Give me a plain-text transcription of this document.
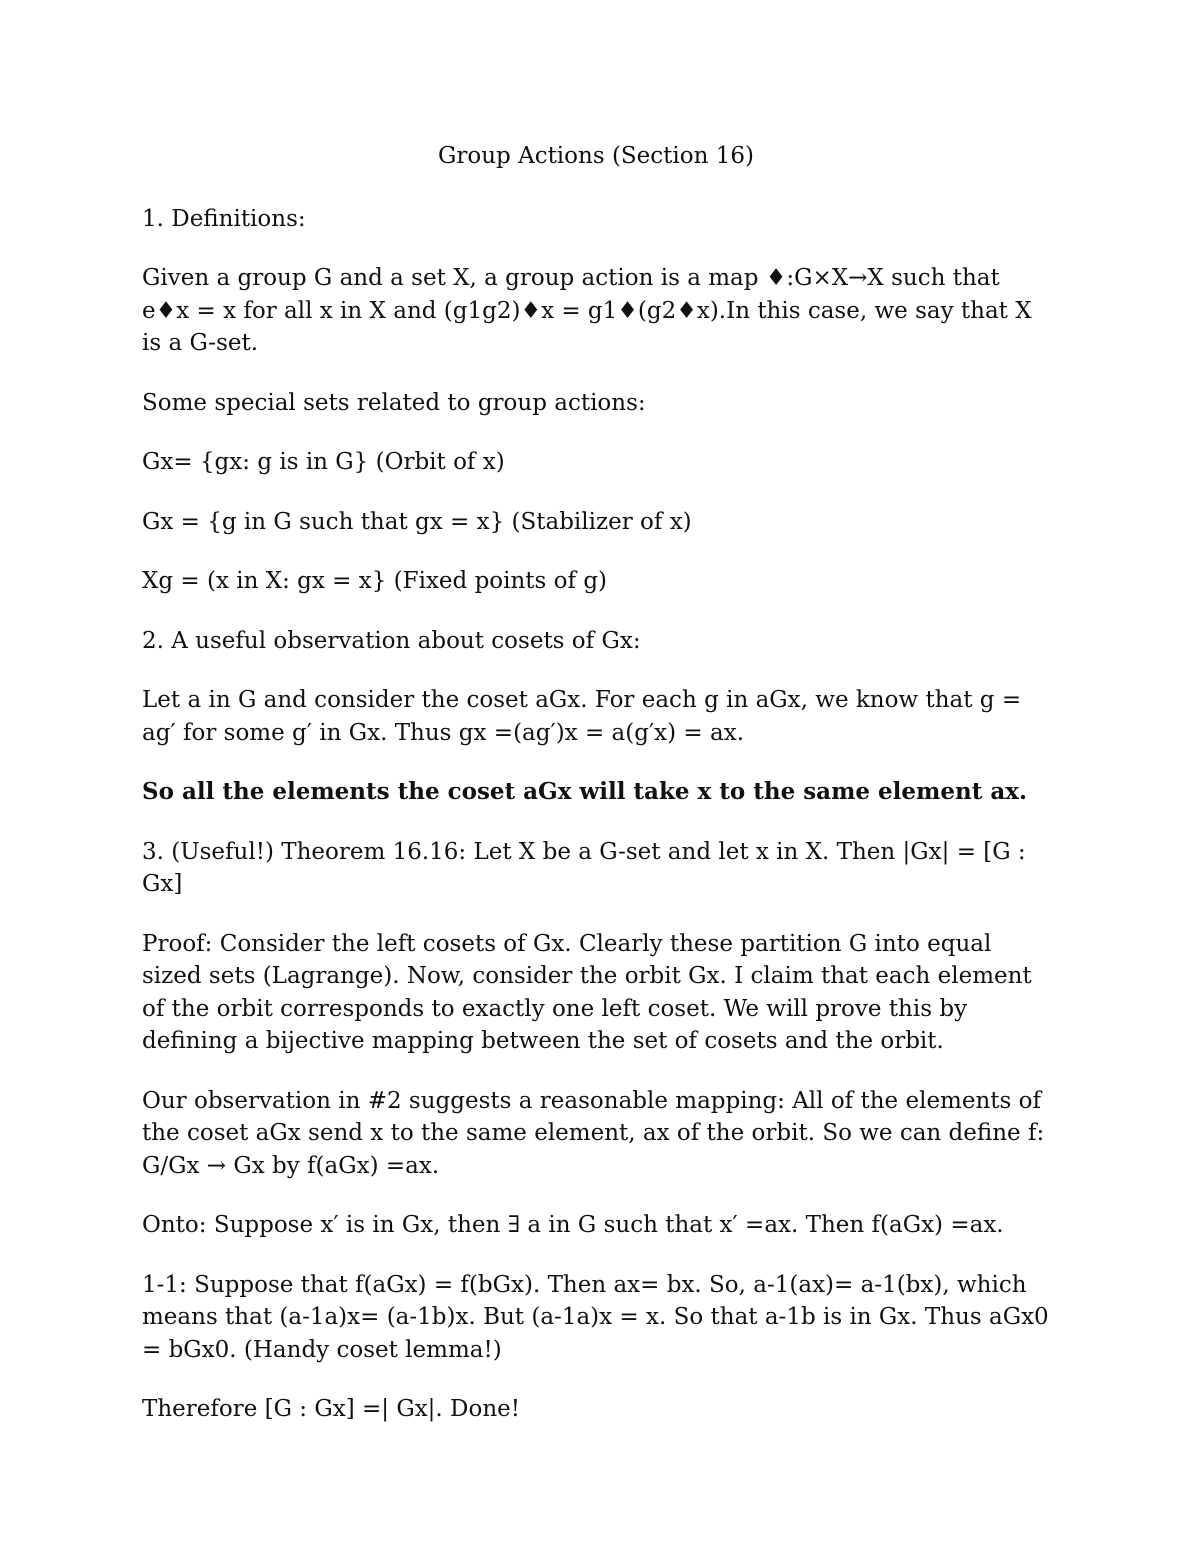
Group Actions (Section 16)

1. Definitions:

Given a group G and a set X, a group action is a map ♦:G×X→X such that e♦x = x for all x in X and (g1g2)♦x = g1♦(g2♦x).In this case, we say that X is a G-set.

Some special sets related to group actions:

Gx= {gx: g is in G} (Orbit of x)

Gx = {g in G such that gx = x} (Stabilizer of x)

Xg = (x in X: gx = x} (Fixed points of g)

2. A useful observation about cosets of Gx:

Let a in G and consider the coset aGx. For each g in aGx, we know that g = ag′ for some g′ in Gx. Thus gx =(ag′)x = a(g′x) = ax.

So all the elements the coset aGx will take x to the same element ax.

3. (Useful!) Theorem 16.16: Let X be a G-set and let x in X. Then |Gx| = [G : Gx]

Proof: Consider the left cosets of Gx. Clearly these partition G into equal sized sets (Lagrange). Now, consider the orbit Gx. I claim that each element of the orbit corresponds to exactly one left coset. We will prove this by defining a bijective mapping between the set of cosets and the orbit.

Our observation in #2 suggests a reasonable mapping: All of the elements of the coset aGx send x to the same element, ax of the orbit. So we can define f: G/Gx → Gx by f(aGx) =ax.

Onto: Suppose x′ is in Gx, then ∃ a in G such that x′ =ax. Then f(aGx) =ax.

1-1: Suppose that f(aGx) = f(bGx). Then ax= bx. So, a-1(ax)= a-1(bx), which means that (a-1a)x= (a-1b)x. But (a-1a)x = x. So that a-1b is in Gx. Thus aGx0 = bGx0. (Handy coset lemma!)

Therefore [G : Gx] =| Gx|. Done!
